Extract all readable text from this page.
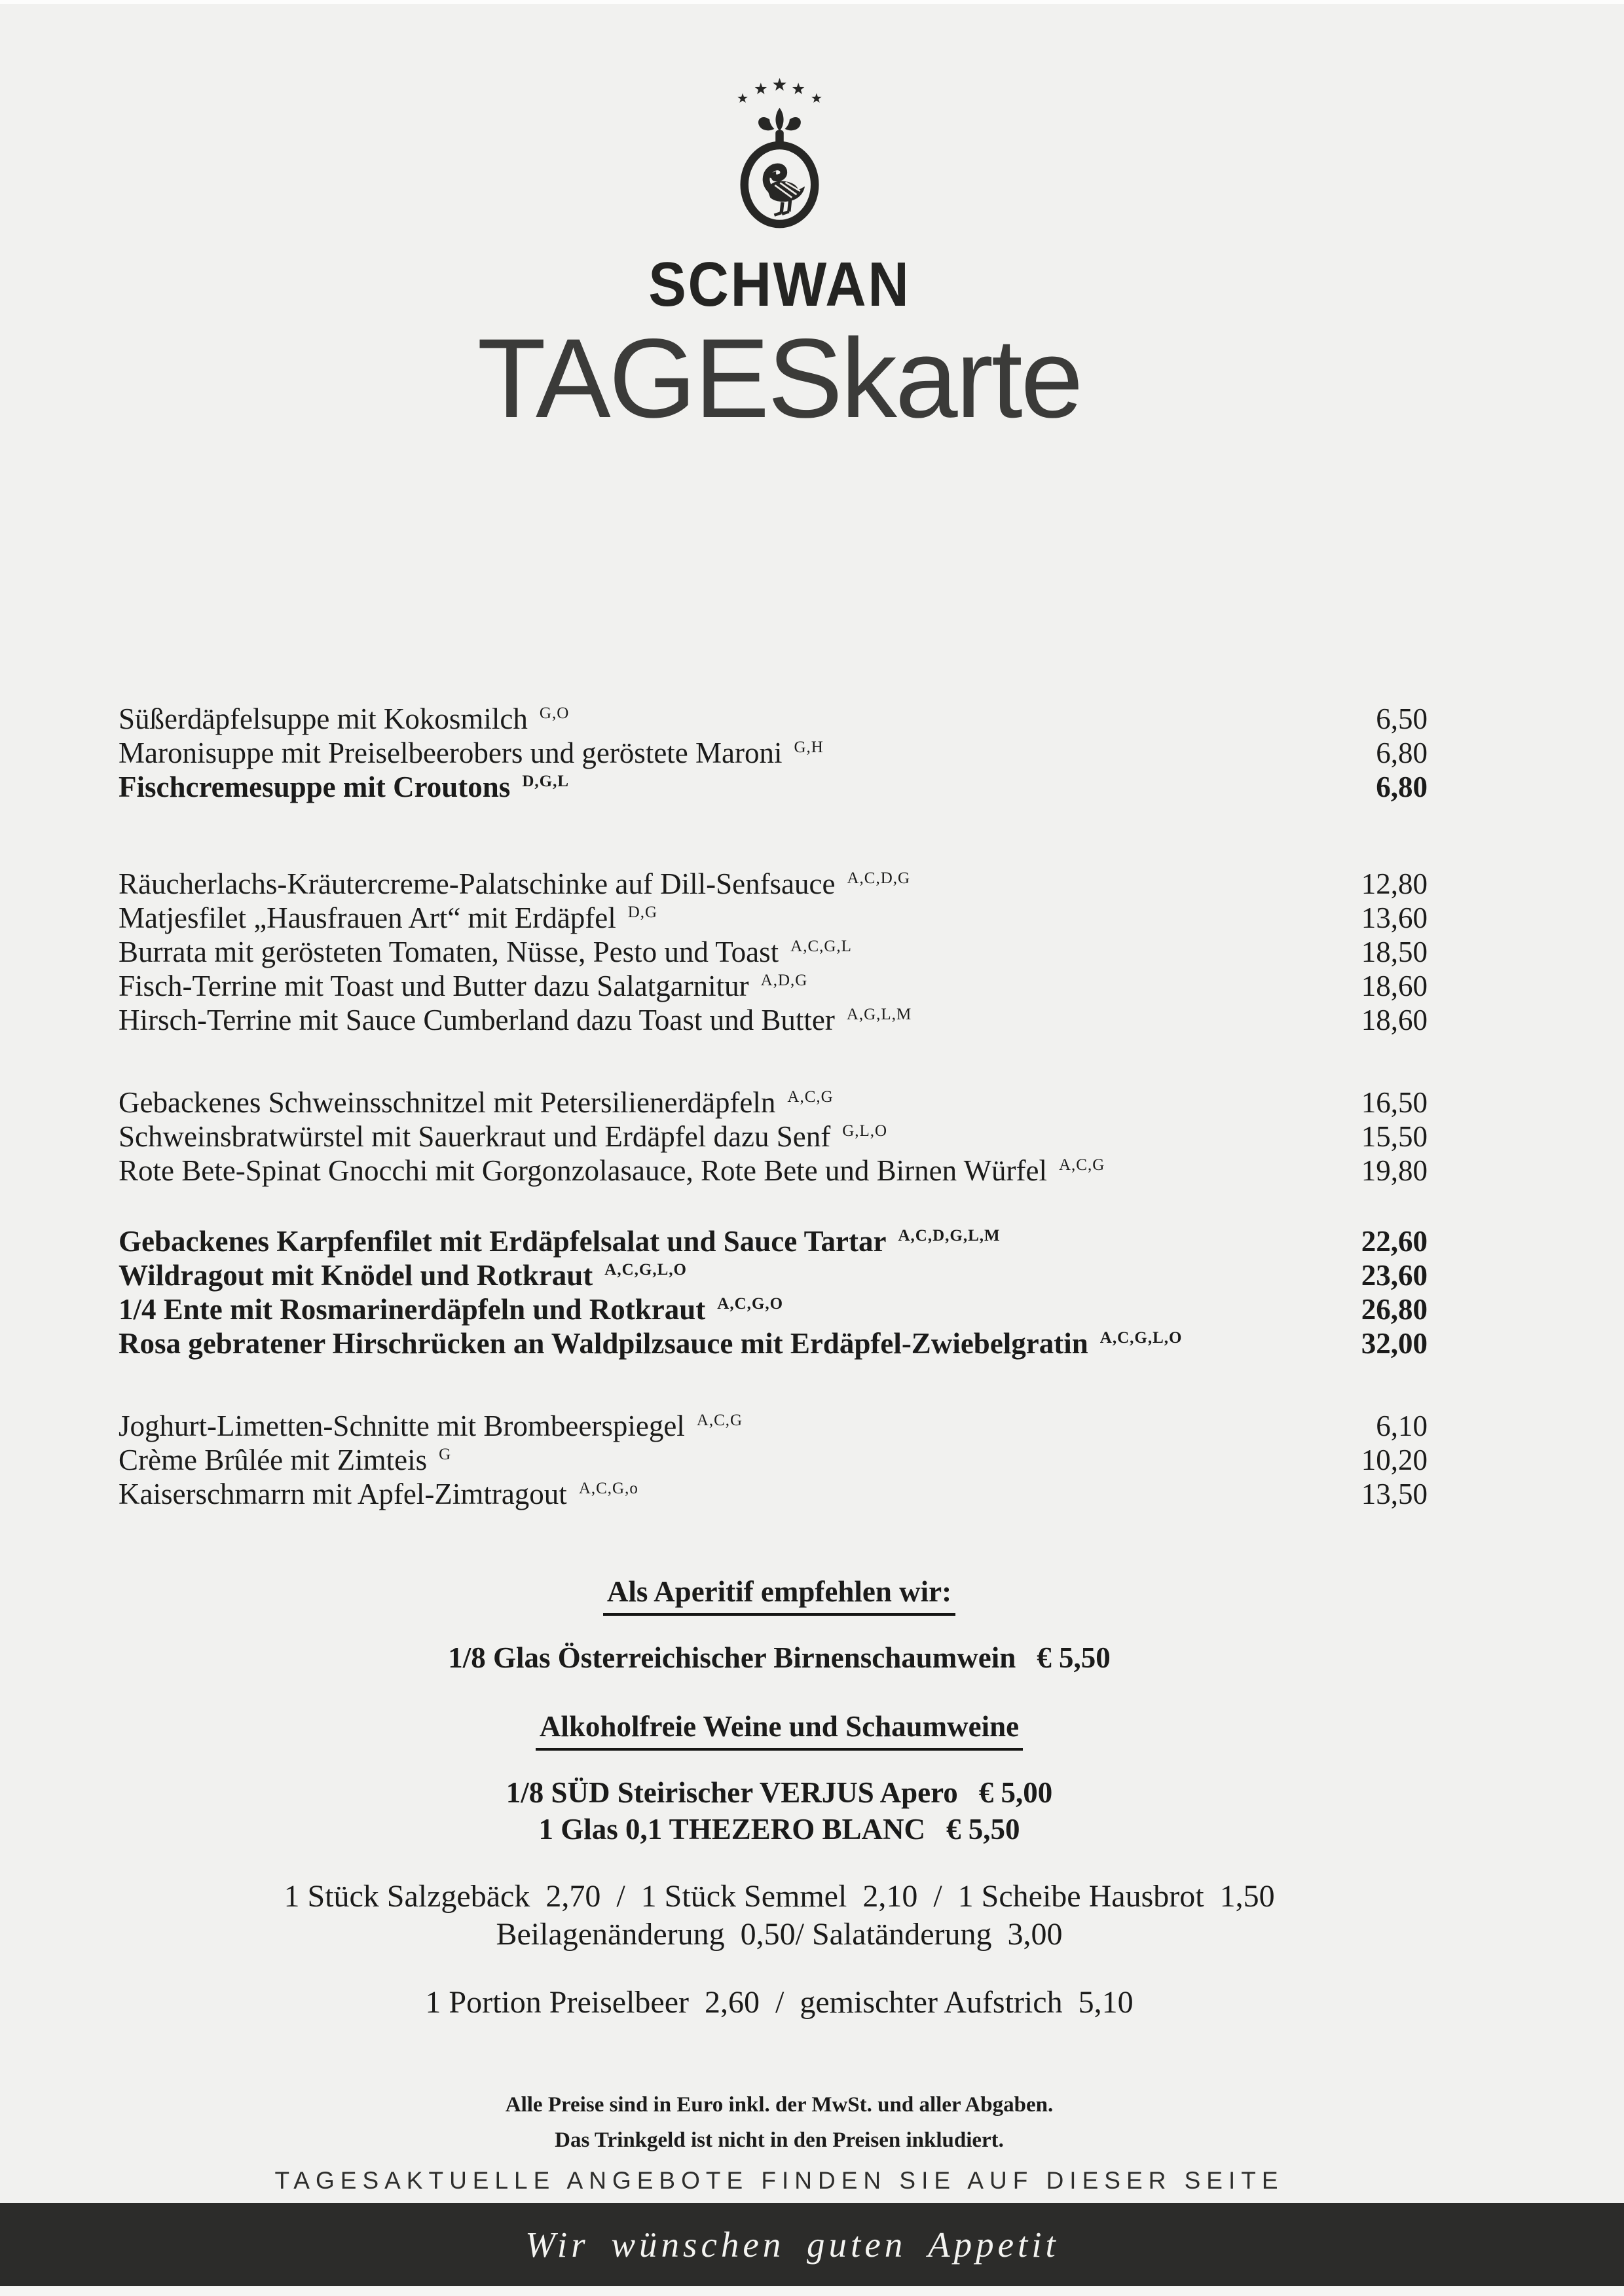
SCHWAN
TAGESkarte
Süßerdäpfelsuppe mit Kokosmilch $^{G,O}$	6,50
Maronisuppe mit Preiselbeerobers und geröstete Maroni $^{G,H}$	6,80
Fischcremesuppe mit Croutons $^{D,G,L}$	6,80
Räucherlachs-Kräutercreme-Palatschinke auf Dill-Senfsauce $^{A,C,D,G}$	12,80
Matjesfilet „Hausfrauen Art“ mit Erdäpfel $^{D,G}$	13,60
Burrata mit gerösteten Tomaten, Nüsse, Pesto und Toast $^{A,C,G,L}$	18,50
Fisch-Terrine mit Toast und Butter dazu Salatgarnitur $^{A,D,G}$	18,60
Hirsch-Terrine mit Sauce Cumberland dazu Toast und Butter $^{A,G,L,M}$	18,60
Gebackenes Schweinsschnitzel mit Petersilienerdäpfeln $^{A,C,G}$	16,50
Schweinsbratwürstel mit Sauerkraut und Erdäpfel dazu Senf $^{G,L,O}$	15,50
Rote Bete-Spinat Gnocchi mit Gorgonzolasauce, Rote Bete und Birnen Würfel $^{A,C,G}$	19,80
Gebackenes Karpfenfilet mit Erdäpfelsalat und Sauce Tartar $^{A,C,D,G,L,M}$	22,60
Wildragout mit Knödel und Rotkraut $^{A,C,G,L,O}$	23,60
1/4 Ente mit Rosmarinerdäpfeln und Rotkraut $^{A,C,G,O}$	26,80
Rosa gebratener Hirschrücken an Waldpilzsauce mit Erdäpfel-Zwiebelgratin $^{A,C,G,L,O}$	32,00
Joghurt-Limetten-Schnitte mit Brombeerspiegel $^{A,C,G}$	6,10
Crème Brûlée mit Zimteis $^G$	10,20
Kaiserschmarrn mit Apfel-Zimtragout $^{A,C,G,o}$	13,50
Als Aperitif empfehlen wir:
1/8 Glas Österreichischer Birnenschaumwein € 5,50
Alkoholfreie Weine und Schaumweine
1/8 SÜD Steirischer VERJUS Apero € 5,00
1 Glas 0,1 THEZERO BLANC € 5,50
1 Stück Salzgebäck  2,70  /  1 Stück Semmel  2,10  /  1 Scheibe Hausbrot  1,50
Beilagenänderung  0,50/ Salatänderung  3,00
1 Portion Preiselbeer  2,60  /  gemischter Aufstrich  5,10
Alle Preise sind in Euro inkl. der MwSt. und aller Abgaben.
Das Trinkgeld ist nicht in den Preisen inkludiert.
TAGESAKTUELLE ANGEBOTE FINDEN SIE AUF DIESER SEITE
Wir wünschen guten Appetit
